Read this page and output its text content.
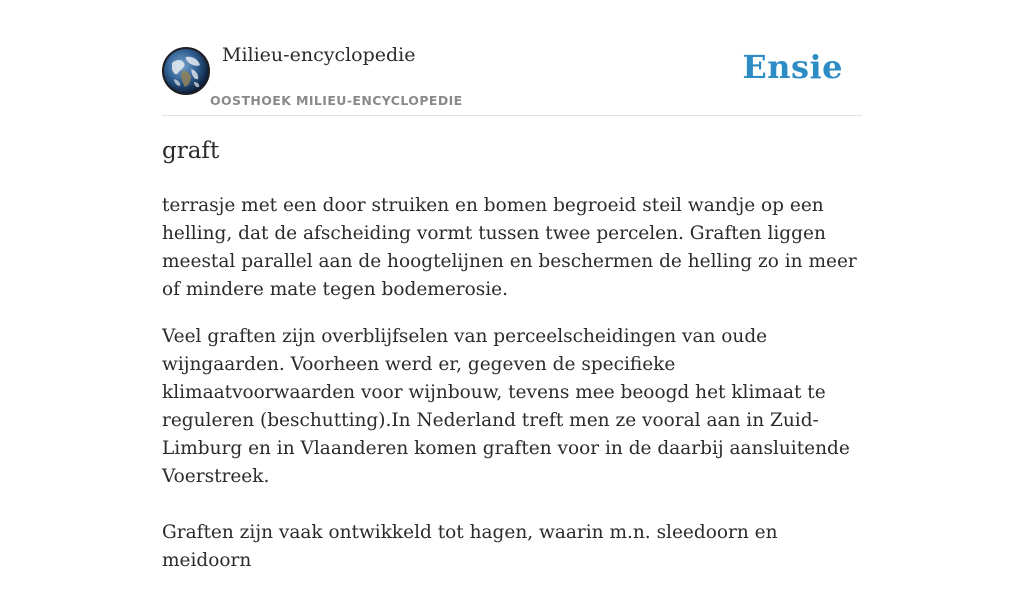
Milieu-encyclopedie
OOSTHOEK MILIEU-ENCYCLOPEDIE
Ensie
graft

terrasje met een door struiken en bomen begroeid steil wandje op een helling, dat de afscheiding vormt tussen twee percelen. Graften liggen meestal parallel aan de hoogtelijnen en beschermen de helling zo in meer of mindere mate tegen bodemerosie.

Veel graften zijn overblijfselen van perceelscheidingen van oude wijngaarden. Voorheen werd er, gegeven de specifieke klimaatvoorwaarden voor wijnbouw, tevens mee beoogd het klimaat te reguleren (beschutting).In Nederland treft men ze vooral aan in Zuid-Limburg en in Vlaanderen komen graften voor in de daarbij aansluitende Voerstreek.

Graften zijn vaak ontwikkeld tot hagen, waarin m.n. sleedoorn en meidoorn
